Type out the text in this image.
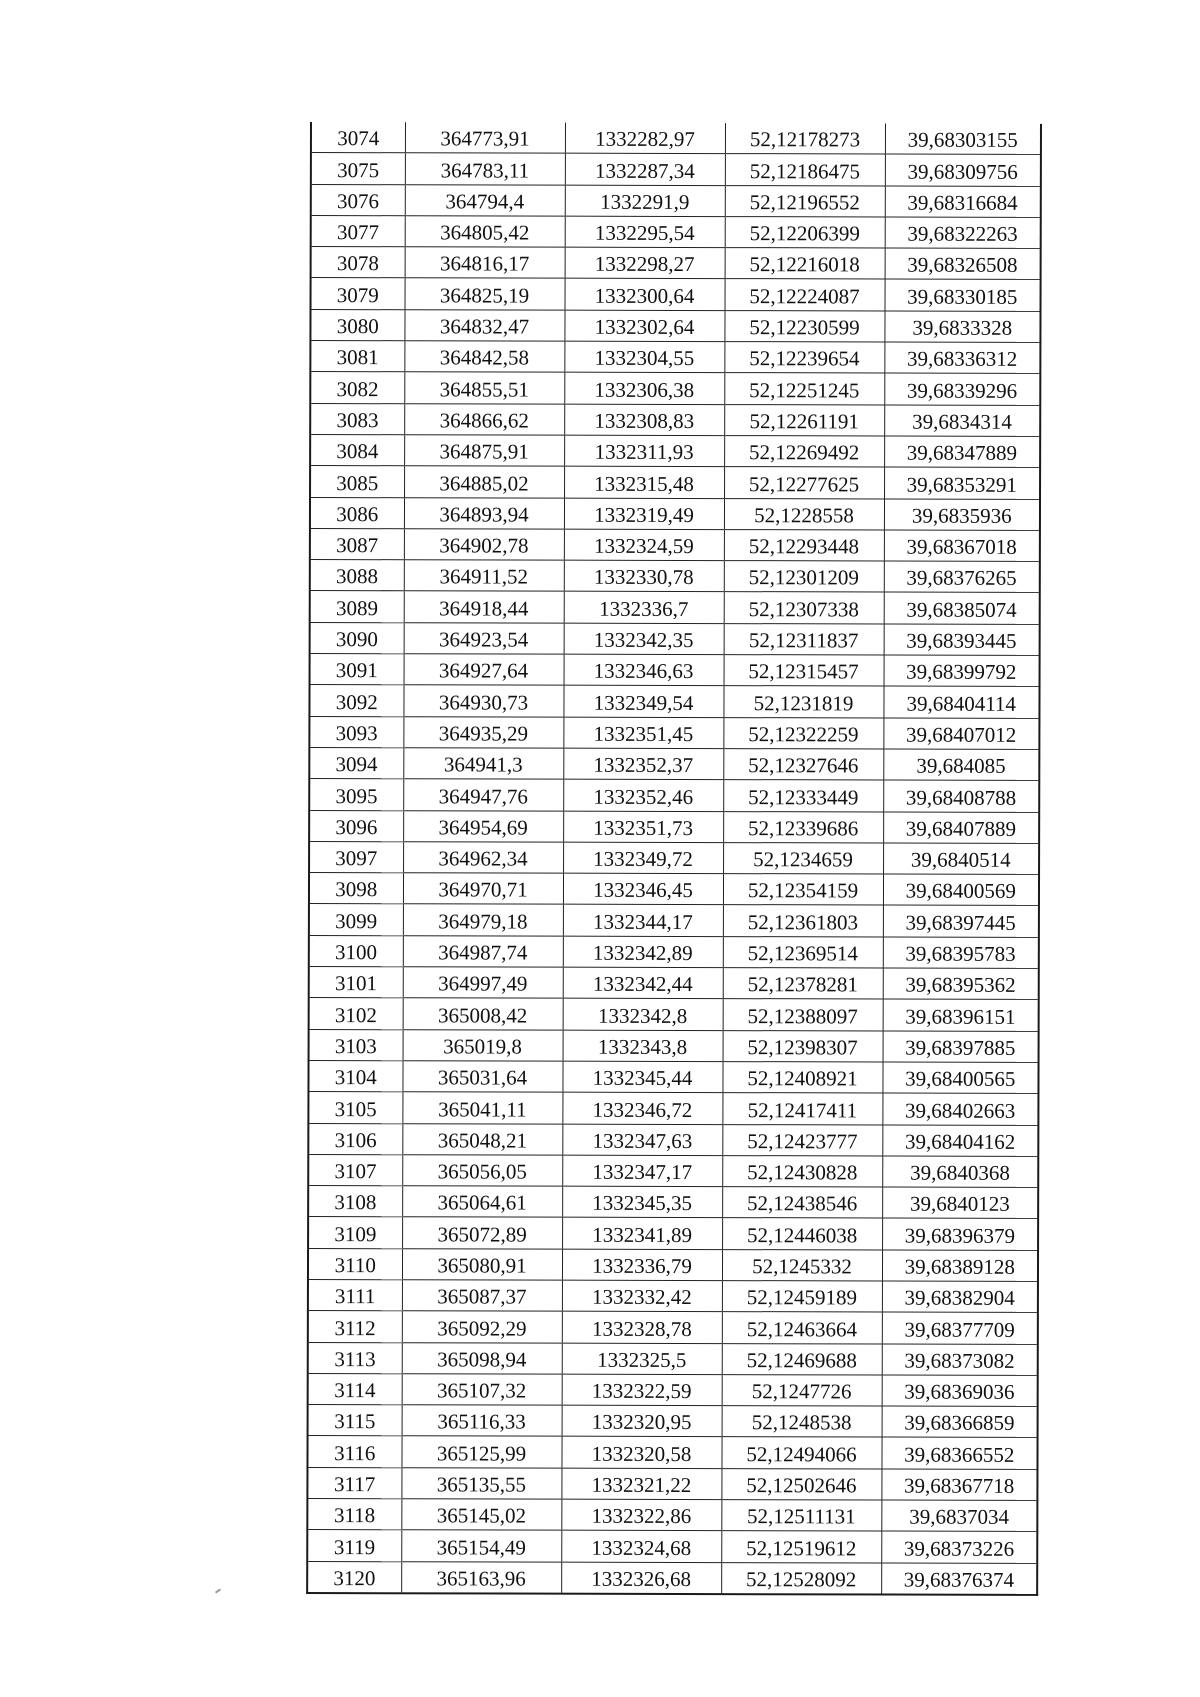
3074	364773,91	1332282,97	52,12178273	39,68303155
3075	364783,11	1332287,34	52,12186475	39,68309756
3076	364794,4	1332291,9	52,12196552	39,68316684
3077	364805,42	1332295,54	52,12206399	39,68322263
3078	364816,17	1332298,27	52,12216018	39,68326508
3079	364825,19	1332300,64	52,12224087	39,68330185
3080	364832,47	1332302,64	52,12230599	39,6833328
3081	364842,58	1332304,55	52,12239654	39,68336312
3082	364855,51	1332306,38	52,12251245	39,68339296
3083	364866,62	1332308,83	52,12261191	39,6834314
3084	364875,91	1332311,93	52,12269492	39,68347889
3085	364885,02	1332315,48	52,12277625	39,68353291
3086	364893,94	1332319,49	52,1228558	39,6835936
3087	364902,78	1332324,59	52,12293448	39,68367018
3088	364911,52	1332330,78	52,12301209	39,68376265
3089	364918,44	1332336,7	52,12307338	39,68385074
3090	364923,54	1332342,35	52,12311837	39,68393445
3091	364927,64	1332346,63	52,12315457	39,68399792
3092	364930,73	1332349,54	52,1231819	39,68404114
3093	364935,29	1332351,45	52,12322259	39,68407012
3094	364941,3	1332352,37	52,12327646	39,684085
3095	364947,76	1332352,46	52,12333449	39,68408788
3096	364954,69	1332351,73	52,12339686	39,68407889
3097	364962,34	1332349,72	52,1234659	39,6840514
3098	364970,71	1332346,45	52,12354159	39,68400569
3099	364979,18	1332344,17	52,12361803	39,68397445
3100	364987,74	1332342,89	52,12369514	39,68395783
3101	364997,49	1332342,44	52,12378281	39,68395362
3102	365008,42	1332342,8	52,12388097	39,68396151
3103	365019,8	1332343,8	52,12398307	39,68397885
3104	365031,64	1332345,44	52,12408921	39,68400565
3105	365041,11	1332346,72	52,12417411	39,68402663
3106	365048,21	1332347,63	52,12423777	39,68404162
3107	365056,05	1332347,17	52,12430828	39,6840368
3108	365064,61	1332345,35	52,12438546	39,6840123
3109	365072,89	1332341,89	52,12446038	39,68396379
3110	365080,91	1332336,79	52,1245332	39,68389128
3111	365087,37	1332332,42	52,12459189	39,68382904
3112	365092,29	1332328,78	52,12463664	39,68377709
3113	365098,94	1332325,5	52,12469688	39,68373082
3114	365107,32	1332322,59	52,1247726	39,68369036
3115	365116,33	1332320,95	52,1248538	39,68366859
3116	365125,99	1332320,58	52,12494066	39,68366552
3117	365135,55	1332321,22	52,12502646	39,68367718
3118	365145,02	1332322,86	52,12511131	39,6837034
3119	365154,49	1332324,68	52,12519612	39,68373226
3120	365163,96	1332326,68	52,12528092	39,68376374
